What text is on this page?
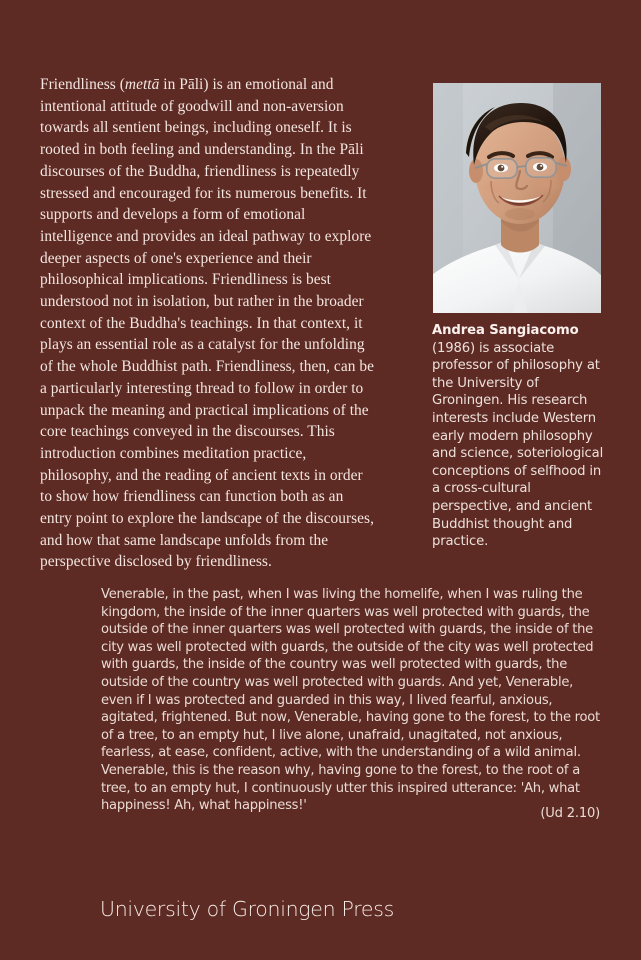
Friendliness (mettā in Pāli) is an emotional and intentional attitude of goodwill and non-aversion towards all sentient beings, including oneself. It is rooted in both feeling and understanding. In the Pāli discourses of the Buddha, friendliness is repeatedly stressed and encouraged for its numerous benefits. It supports and develops a form of emotional intelligence and provides an ideal pathway to explore deeper aspects of one's experience and their philosophical implications. Friendliness is best understood not in isolation, but rather in the broader context of the Buddha's teachings. In that context, it plays an essential role as a catalyst for the unfolding of the whole Buddhist path. Friendliness, then, can be a particularly interesting thread to follow in order to unpack the meaning and practical implications of the core teachings conveyed in the discourses. This introduction combines meditation practice, philosophy, and the reading of ancient texts in order to show how friendliness can function both as an entry point to explore the landscape of the discourses, and how that same landscape unfolds from the perspective disclosed by friendliness.
Andrea Sangiacomo
(1986) is associate professor of philosophy at the University of Groningen. His research interests include Western early modern philosophy and science, soteriological conceptions of selfhood in a cross-cultural perspective, and ancient Buddhist thought and practice.
Venerable, in the past, when I was living the homelife, when I was ruling the kingdom, the inside of the inner quarters was well protected with guards, the outside of the inner quarters was well protected with guards, the inside of the city was well protected with guards, the outside of the city was well protected with guards, the inside of the country was well protected with guards, the outside of the country was well protected with guards. And yet, Venerable, even if I was protected and guarded in this way, I lived fearful, anxious, agitated, frightened. But now, Venerable, having gone to the forest, to the root of a tree, to an empty hut, I live alone, unafraid, unagitated, not anxious, fearless, at ease, confident, active, with the understanding of a wild animal. Venerable, this is the reason why, having gone to the forest, to the root of a tree, to an empty hut, I continuously utter this inspired utterance: 'Ah, what happiness! Ah, what happiness!'
(Ud 2.10)
University of Groningen Press
